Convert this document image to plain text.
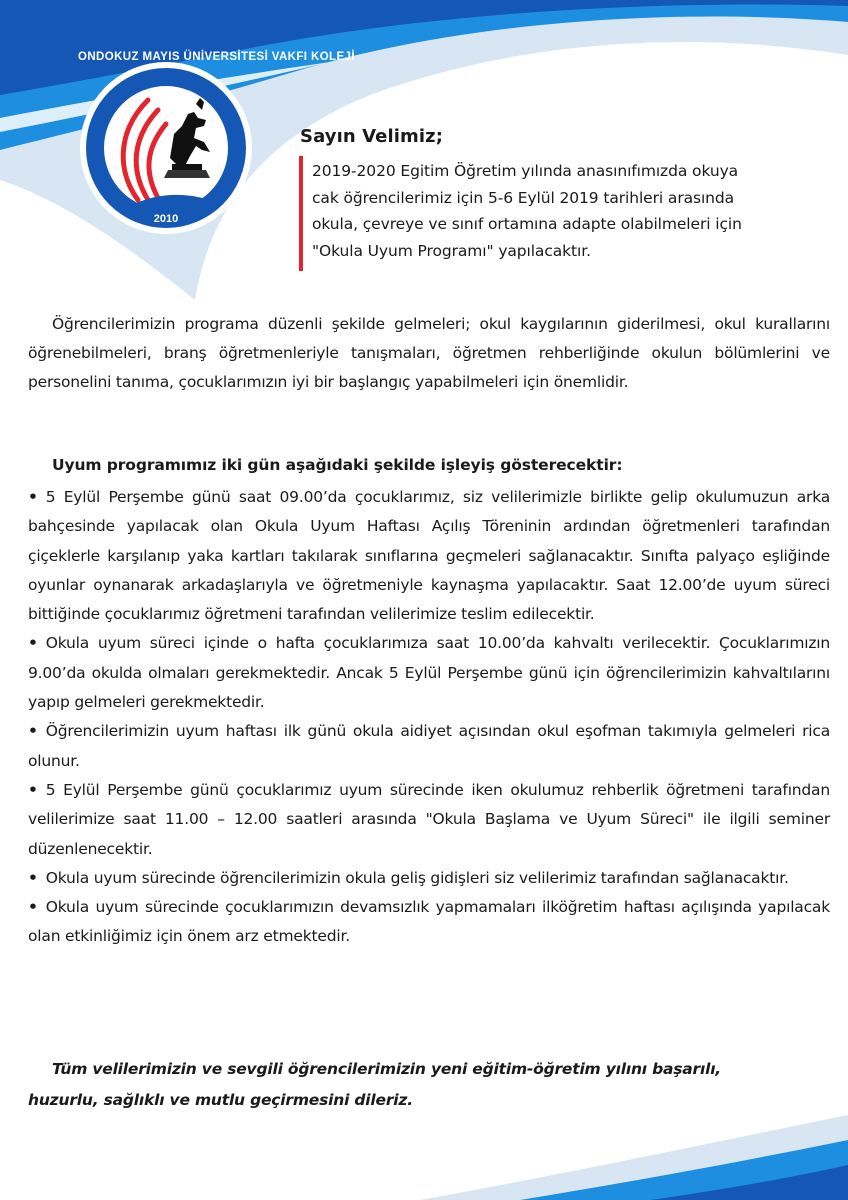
ONDOKUZ MAYIS ÜNİVERSİTESİ VAKFI KOLEJİ
2010
Sayın Velimiz;
2019-2020 Egitim Öğretim yılında anasınıfımızda okuya
cak öğrencilerimiz için 5-6 Eylül 2019 tarihleri arasında
okula, çevreye ve sınıf ortamına adapte olabilmeleri için
"Okula Uyum Programı" yapılacaktır.

Öğrencilerimizin programa düzenli şekilde gelmeleri; okul kaygılarının giderilmesi, okul kurallarını öğrenebilmeleri, branş öğretmenleriyle tanışmaları, öğretmen rehberliğinde okulun bölümlerini ve personelini tanıma, çocuklarımızın iyi bir başlangıç yapabilmeleri için önemlidir.

Uyum programımız iki gün aşağıdaki şekilde işleyiş gösterecektir:
• 5 Eylül Perşembe günü saat 09.00’da çocuklarımız, siz velilerimizle birlikte gelip okulumuzun arka bahçesinde yapılacak olan Okula Uyum Haftası Açılış Töreninin ardından öğretmenleri tarafından çiçeklerle karşılanıp yaka kartları takılarak sınıflarına geçmeleri sağlanacaktır. Sınıfta palyaço eşliğinde oyunlar oynanarak arkadaşlarıyla ve öğretmeniyle kaynaşma yapılacaktır. Saat 12.00’de uyum süreci bittiğinde çocuklarımız öğretmeni tarafından velilerimize teslim edilecektir.
• Okula uyum süreci içinde o hafta çocuklarımıza saat 10.00’da kahvaltı verilecektir. Çocuklarımızın 9.00’da okulda olmaları gerekmektedir. Ancak 5 Eylül Perşembe günü için öğrencilerimizin kahvaltılarını yapıp gelmeleri gerekmektedir.
• Öğrencilerimizin uyum haftası ilk günü okula aidiyet açısından okul eşofman takımıyla gelmeleri rica olunur.
• 5 Eylül Perşembe günü çocuklarımız uyum sürecinde iken okulumuz rehberlik öğretmeni tarafından velilerimize saat 11.00 – 12.00 saatleri arasında "Okula Başlama ve Uyum Süreci" ile ilgili seminer düzenlenecektir.
• Okula uyum sürecinde öğrencilerimizin okula geliş gidişleri siz velilerimiz tarafından sağlanacaktır.
• Okula uyum sürecinde çocuklarımızın devamsızlık yapmamaları ilköğretim haftası açılışında yapılacak olan etkinliğimiz için önem arz etmektedir.
Tüm velilerimizin ve sevgili öğrencilerimizin yeni eğitim-öğretim yılını başarılı,
huzurlu, sağlıklı ve mutlu geçirmesini dileriz.
